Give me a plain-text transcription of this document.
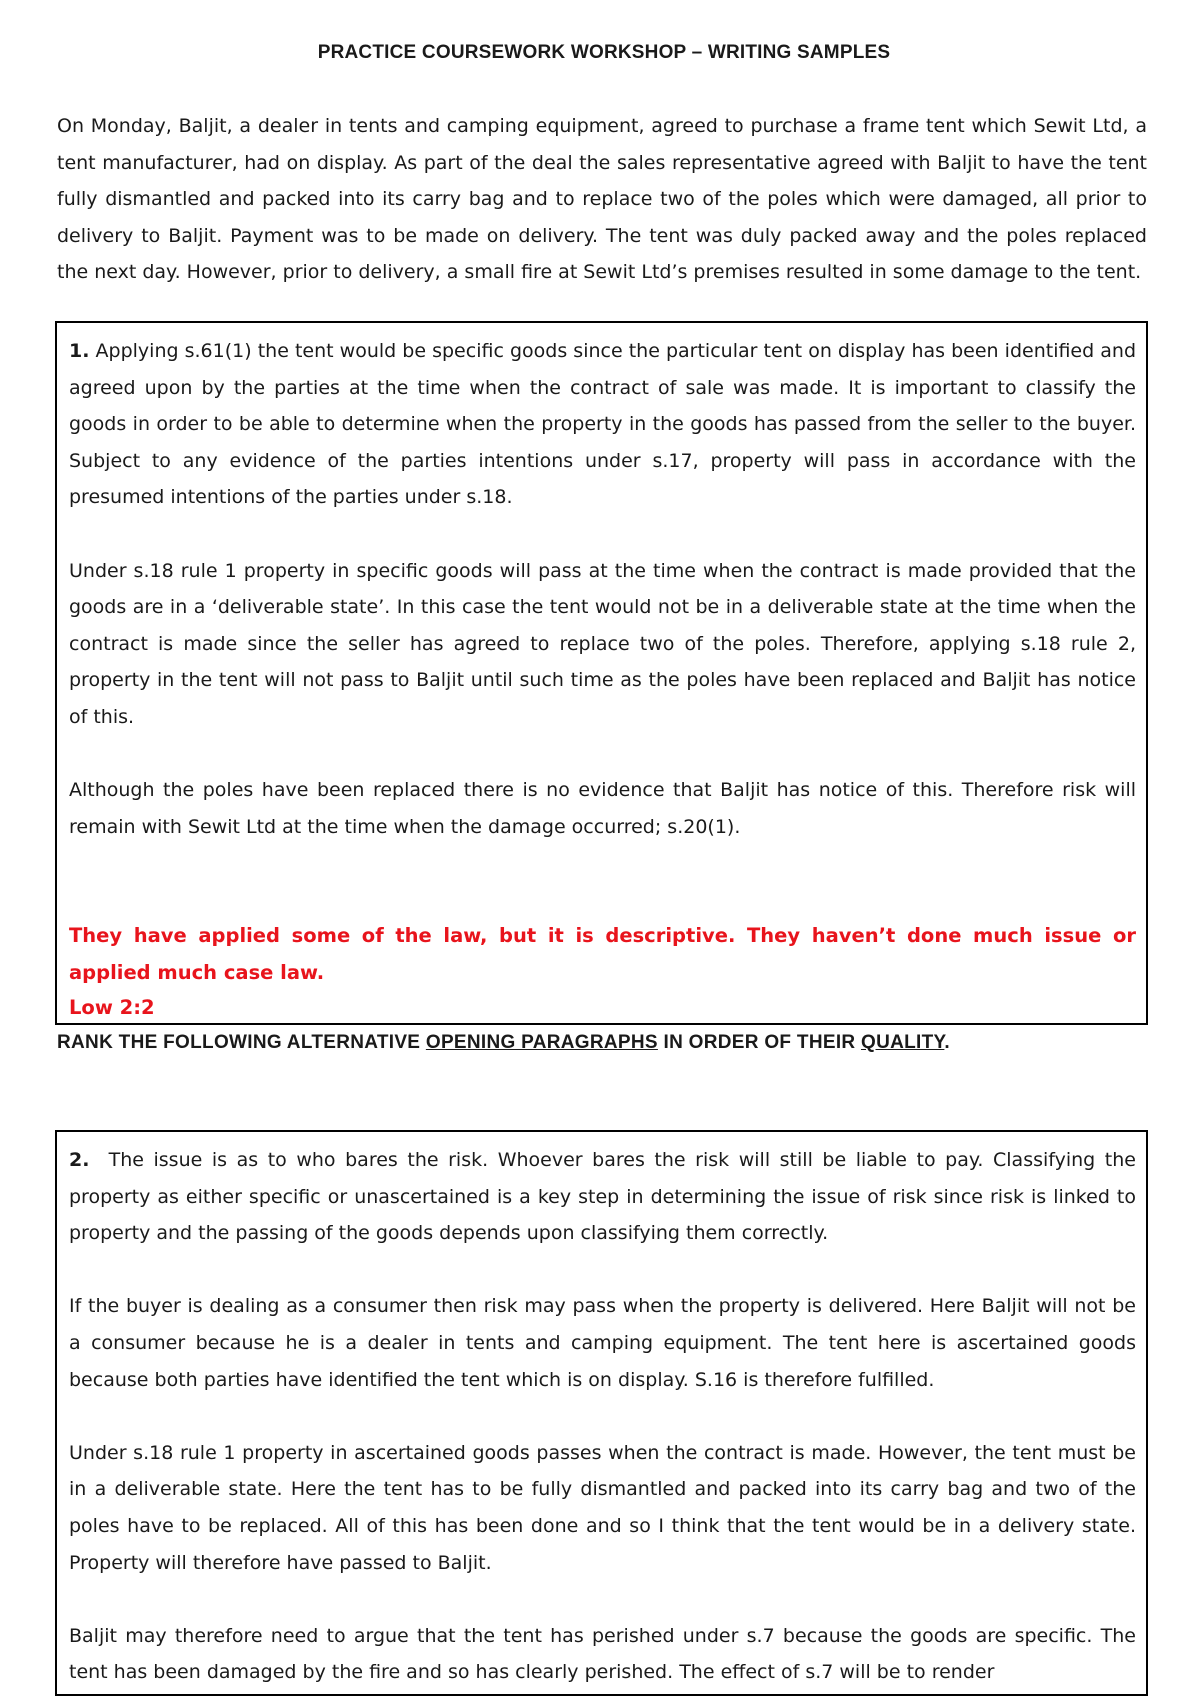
PRACTICE COURSEWORK WORKSHOP – WRITING SAMPLES

On Monday, Baljit, a dealer in tents and camping equipment, agreed to purchase a frame tent which Sewit Ltd, a tent manufacturer, had on display. As part of the deal the sales representative agreed with Baljit to have the tent fully dismantled and packed into its carry bag and to replace two of the poles which were damaged, all prior to delivery to Baljit. Payment was to be made on delivery. The tent was duly packed away and the poles replaced the next day. However, prior to delivery, a small fire at Sewit Ltd’s premises resulted in some damage to the tent.

1. Applying s.61(1) the tent would be specific goods since the particular tent on display has been identified and agreed upon by the parties at the time when the contract of sale was made. It is important to classify the goods in order to be able to determine when the property in the goods has passed from the seller to the buyer. Subject to any evidence of the parties intentions under s.17, property will pass in accordance with the presumed intentions of the parties under s.18.

Under s.18 rule 1 property in specific goods will pass at the time when the contract is made provided that the goods are in a ‘deliverable state’. In this case the tent would not be in a deliverable state at the time when the contract is made since the seller has agreed to replace two of the poles. Therefore, applying s.18 rule 2, property in the tent will not pass to Baljit until such time as the poles have been replaced and Baljit has notice of this.

Although the poles have been replaced there is no evidence that Baljit has notice of this. Therefore risk will remain with Sewit Ltd at the time when the damage occurred; s.20(1).

They have applied some of the law, but it is descriptive. They haven’t done much issue or applied much case law.

Low 2:2

RANK THE FOLLOWING ALTERNATIVE OPENING PARAGRAPHS IN ORDER OF THEIR QUALITY.

2. The issue is as to who bares the risk. Whoever bares the risk will still be liable to pay. Classifying the property as either specific or unascertained is a key step in determining the issue of risk since risk is linked to property and the passing of the goods depends upon classifying them correctly.

If the buyer is dealing as a consumer then risk may pass when the property is delivered. Here Baljit will not be a consumer because he is a dealer in tents and camping equipment. The tent here is ascertained goods because both parties have identified the tent which is on display. S.16 is therefore fulfilled.

Under s.18 rule 1 property in ascertained goods passes when the contract is made. However, the tent must be in a deliverable state. Here the tent has to be fully dismantled and packed into its carry bag and two of the poles have to be replaced. All of this has been done and so I think that the tent would be in a delivery state. Property will therefore have passed to Baljit.

Baljit may therefore need to argue that the tent has perished under s.7 because the goods are specific. The tent has been damaged by the fire and so has clearly perished. The effect of s.7 will be to render
